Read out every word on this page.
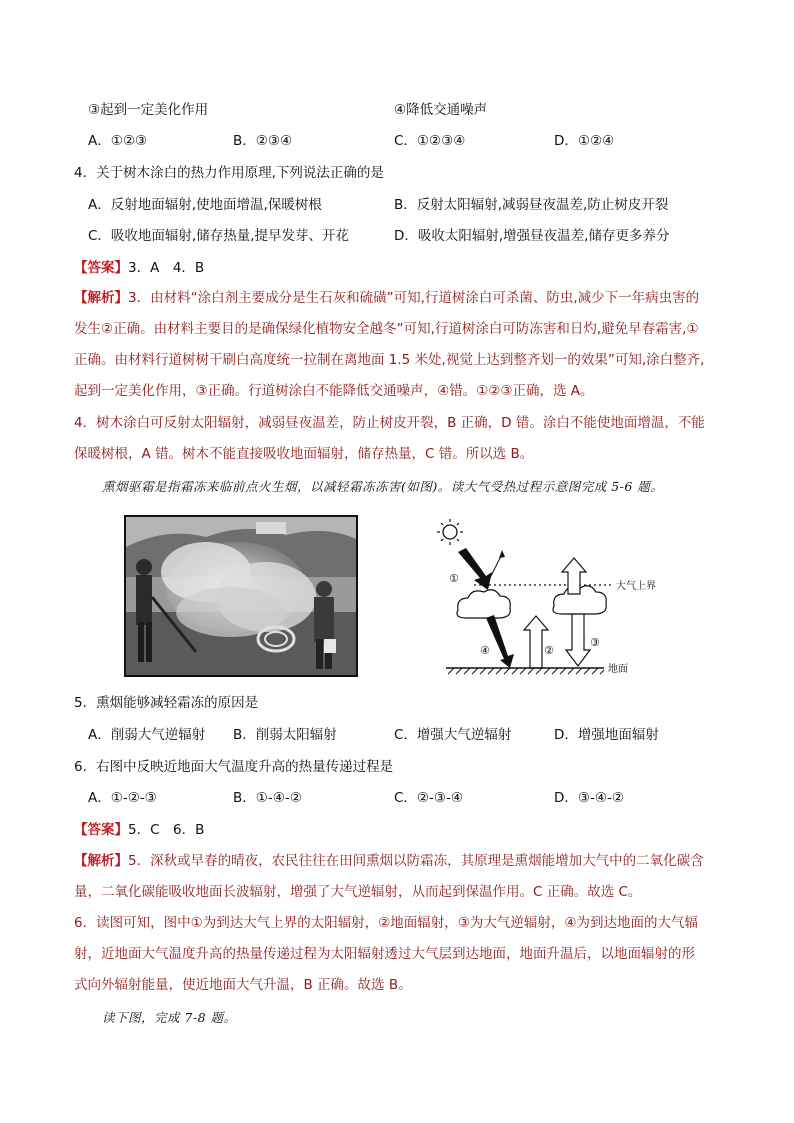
③起到一定美化作用	④降低交通噪声
A．①②③	B．②③④	C．①②③④	D．①②④
4．关于树木涂白的热力作用原理,下列说法正确的是
A．反射地面辐射,使地面增温,保暖树根	B．反射太阳辐射,减弱昼夜温差,防止树皮开裂
C．吸收地面辐射,储存热量,提早发芽、开花	D．吸收太阳辐射,增强昼夜温差,储存更多养分
【答案】3．A　4．B
【解析】3．由材料“涂白剂主要成分是生石灰和硫磺”可知,行道树涂白可杀菌、防虫,减少下一年病虫害的
发生②正确。由材料主要目的是确保绿化植物安全越冬”可知,行道树涂白可防冻害和日灼,避免早春霜害,①
正确。由材料行道树树干刷白高度统一拉制在离地面 1.5 米处,视觉上达到整齐划一的效果”可知,涂白整齐,
起到一定美化作用，③正确。行道树涂白不能降低交通噪声，④错。①②③正确，选 A。
4．树木涂白可反射太阳辐射，减弱昼夜温差，防止树皮开裂，B 正确，D 错。涂白不能使地面增温，不能
保暖树根，A 错。树木不能直接吸收地面辐射，储存热量，C 错。所以选 B。
熏烟驱霜是指霜冻来临前点火生烟，以减轻霜冻冻害(如图)。读大气受热过程示意图完成 5-6 题。
大气上界
①
④	②
③
地面
5．熏烟能够减轻霜冻的原因是
A．削弱大气逆辐射 B．削弱太阳辐射	C．增强大气逆辐射	D．增强地面辐射
6．右图中反映近地面大气温度升高的热量传递过程是
A．①-②-③	B．①-④-②	C．②-③-④	D．③-④-②
【答案】5．C　6．B
【解析】5．深秋或早春的晴夜，农民往往在田间熏烟以防霜冻，其原理是熏烟能增加大气中的二氧化碳含
量，二氧化碳能吸收地面长波辐射，增强了大气逆辐射，从而起到保温作用。C 正确。故选 C。
6．读图可知，图中①为到达大气上界的太阳辐射，②地面辐射，③为大气逆辐射，④为到达地面的大气辐
射，近地面大气温度升高的热量传递过程为太阳辐射透过大气层到达地面，地面升温后，以地面辐射的形
式向外辐射能量，使近地面大气升温，B 正确。故选 B。
读下图，完成 7-8 题。
